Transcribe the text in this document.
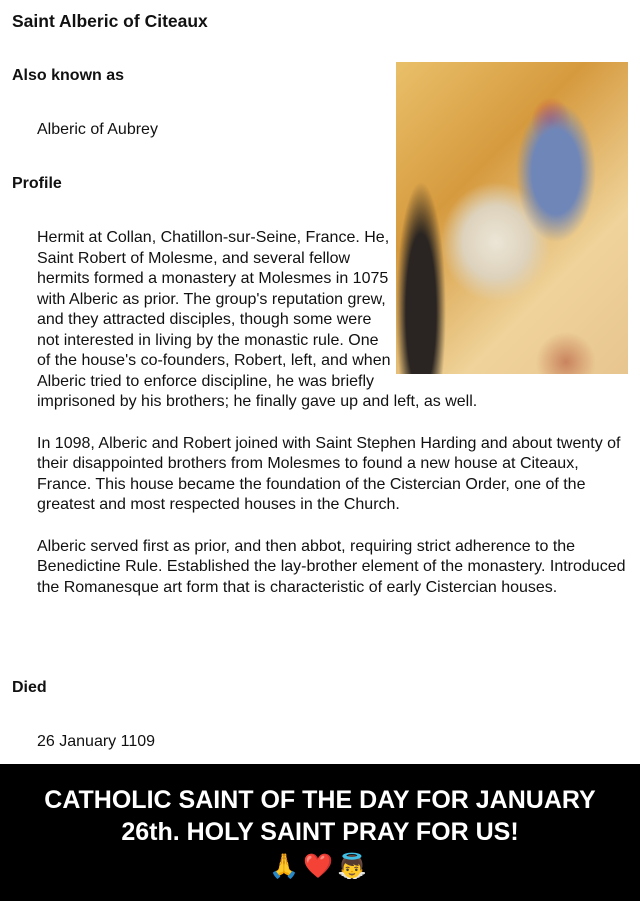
Saint Alberic of Citeaux
Also known as
Alberic of Aubrey
Profile

Hermit at Collan, Chatillon-sur-Seine, France. He, Saint Robert of Molesme, and several fellow hermits formed a monastery at Molesmes in 1075 with Alberic as prior. The group's reputation grew, and they attracted disciples, though some were not interested in living by the monastic rule. One of the house's co-founders, Robert, left, and when Alberic tried to enforce discipline, he was briefly imprisoned by his brothers; he finally gave up and left, as well.

In 1098, Alberic and Robert joined with Saint Stephen Harding and about twenty of their disappointed brothers from Molesmes to found a new house at Citeaux, France. This house became the foundation of the Cistercian Order, one of the greatest and most respected houses in the Church.

Alberic served first as prior, and then abbot, requiring strict adherence to the Benedictine Rule. Established the lay-brother element of the monastery. Introduced the Romanesque art form that is characteristic of early Cistercian houses.

Died
26 January 1109
CATHOLIC SAINT OF THE DAY FOR JANUARY 26th. HOLY SAINT PRAY FOR US!
🙏❤️👼
